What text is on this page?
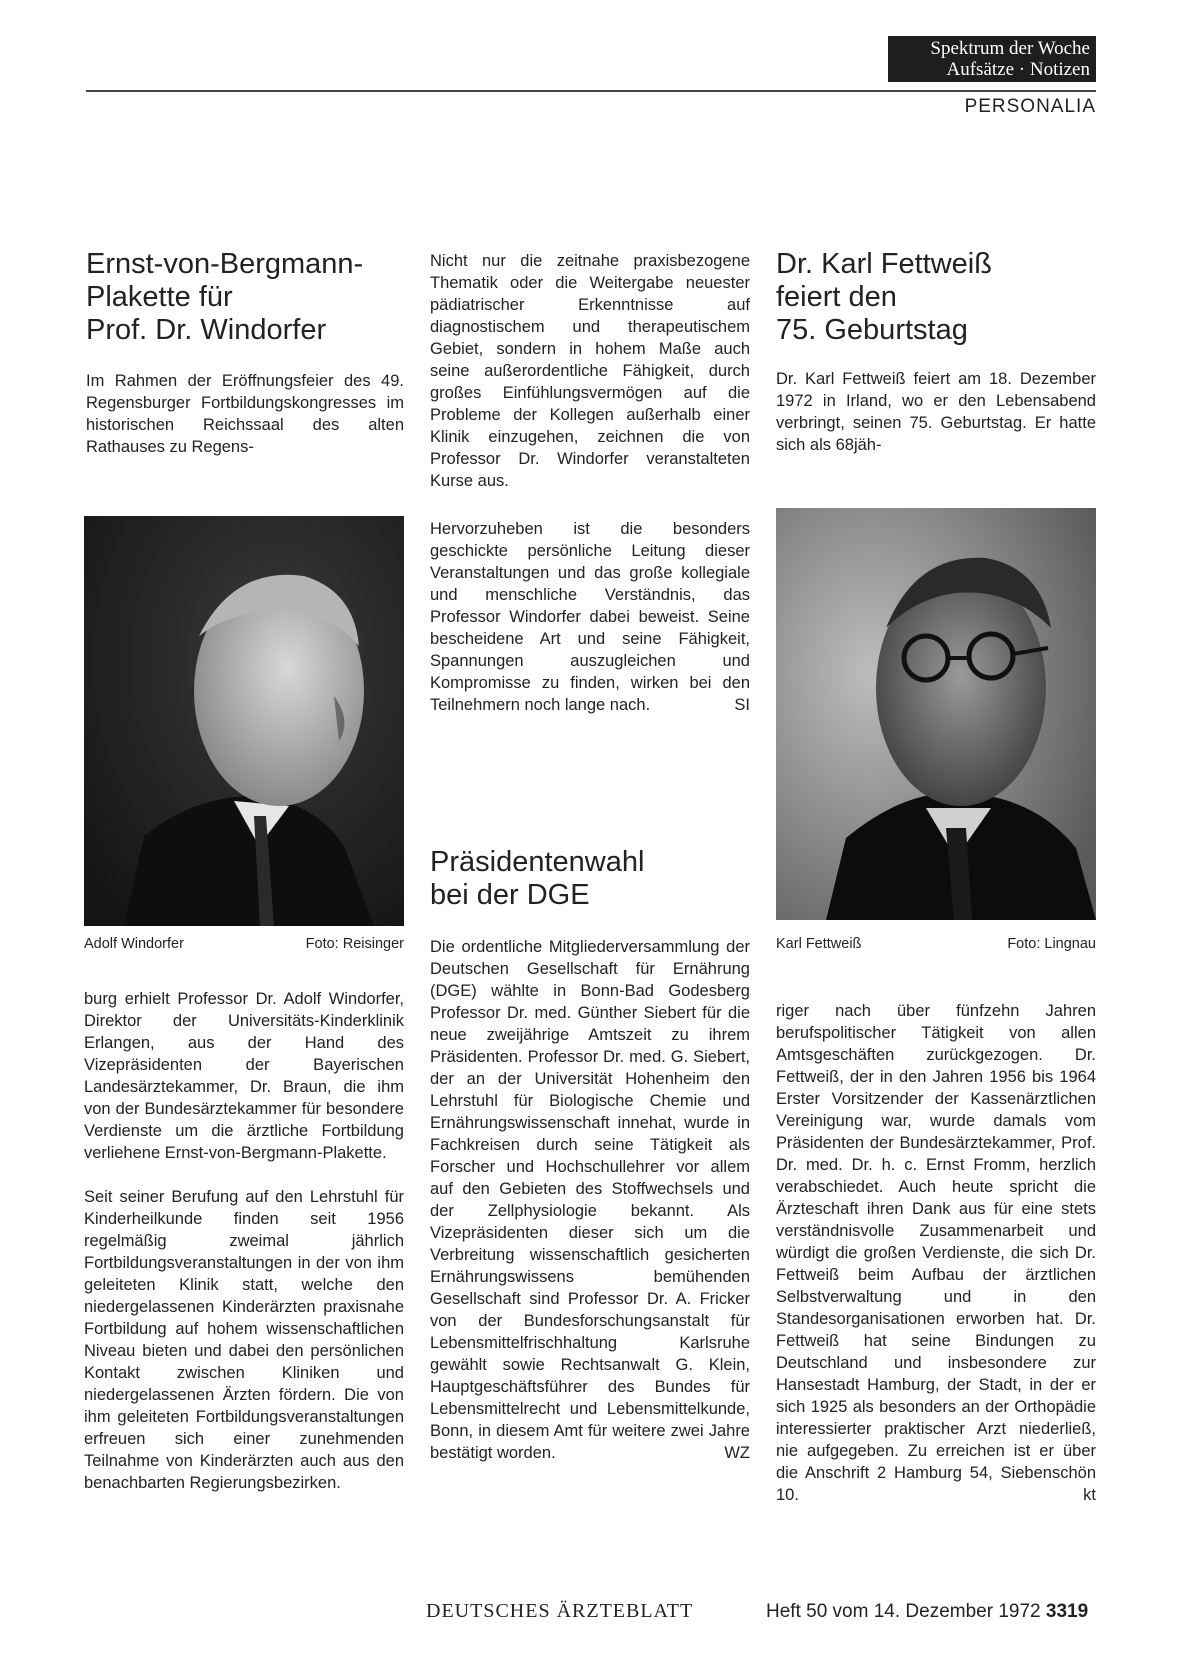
Spektrum der Woche
Aufsätze · Notizen
PERSONALIA
Ernst-von-Bergmann-
Plakette für
Prof. Dr. Windorfer
Im Rahmen der Eröffnungsfeier des 49. Regensburger Fortbildungskongresses im historischen Reichssaal des alten Rathauses zu Regens-
Adolf Windorfer	Foto: Reisinger

burg erhielt Professor Dr. Adolf Windorfer, Direktor der Universitäts-Kinderklinik Erlangen, aus der Hand des Vizepräsidenten der Bayerischen Landesärztekammer, Dr. Braun, die ihm von der Bundesärztekammer für besondere Verdienste um die ärztliche Fortbildung verliehene Ernst-von-Bergmann-Plakette.

Seit seiner Berufung auf den Lehrstuhl für Kinderheilkunde finden seit 1956 regelmäßig zweimal jährlich Fortbildungsveranstaltungen in der von ihm geleiteten Klinik statt, welche den niedergelassenen Kinderärzten praxisnahe Fortbildung auf hohem wissenschaftlichen Niveau bieten und dabei den persönlichen Kontakt zwischen Kliniken und niedergelassenen Ärzten fördern. Die von ihm geleiteten Fortbildungsveranstaltungen erfreuen sich einer zunehmenden Teilnahme von Kinderärzten auch aus den benachbarten Regierungsbezirken.

Nicht nur die zeitnahe praxisbezogene Thematik oder die Weitergabe neuester pädiatrischer Erkenntnisse auf diagnostischem und therapeutischem Gebiet, sondern in hohem Maße auch seine außerordentliche Fähigkeit, durch großes Einfühlungsvermögen auf die Probleme der Kollegen außerhalb einer Klinik einzugehen, zeichnen die von Professor Dr. Windorfer veranstalteten Kurse aus.

Hervorzuheben ist die besonders geschickte persönliche Leitung dieser Veranstaltungen und das große kollegiale und menschliche Verständnis, das Professor Windorfer dabei beweist. Seine bescheidene Art und seine Fähigkeit, Spannungen auszugleichen und Kompromisse zu finden, wirken bei den Teilnehmern noch lange nach.	SI

Präsidentenwahl
bei der DGE
Die ordentliche Mitgliederversammlung der Deutschen Gesellschaft für Ernährung (DGE) wählte in Bonn-Bad Godesberg Professor Dr. med. Günther Siebert für die neue zweijährige Amtszeit zu ihrem Präsidenten. Professor Dr. med. G. Siebert, der an der Universität Hohenheim den Lehrstuhl für Biologische Chemie und Ernährungswissenschaft innehat, wurde in Fachkreisen durch seine Tätigkeit als Forscher und Hochschullehrer vor allem auf den Gebieten des Stoffwechsels und der Zellphysiologie bekannt. Als Vizepräsidenten dieser sich um die Verbreitung wissenschaftlich gesicherten Ernährungswissens bemühenden Gesellschaft sind Professor Dr. A. Fricker von der Bundesforschungsanstalt für Lebensmittelfrischhaltung Karlsruhe gewählt sowie Rechtsanwalt G. Klein, Hauptgeschäftsführer des Bundes für Lebensmittelrecht und Lebensmittelkunde, Bonn, in diesem Amt für weitere zwei Jahre bestätigt worden.	WZ
Dr. Karl Fettweiß
feiert den
75. Geburtstag
Dr. Karl Fettweiß feiert am 18. Dezember 1972 in Irland, wo er den Lebensabend verbringt, seinen 75. Geburtstag. Er hatte sich als 68jäh-
Karl Fettweiß	Foto: Lingnau
riger nach über fünfzehn Jahren berufspolitischer Tätigkeit von allen Amtsgeschäften zurückgezogen. Dr. Fettweiß, der in den Jahren 1956 bis 1964 Erster Vorsitzender der Kassenärztlichen Vereinigung war, wurde damals vom Präsidenten der Bundesärztekammer, Prof. Dr. med. Dr. h. c. Ernst Fromm, herzlich verabschiedet. Auch heute spricht die Ärzteschaft ihren Dank aus für eine stets verständnisvolle Zusammenarbeit und würdigt die großen Verdienste, die sich Dr. Fettweiß beim Aufbau der ärztlichen Selbstverwaltung und in den Standesorganisationen erworben hat. Dr. Fettweiß hat seine Bindungen zu Deutschland und insbesondere zur Hansestadt Hamburg, der Stadt, in der er sich 1925 als besonders an der Orthopädie interessierter praktischer Arzt niederließ, nie aufgegeben. Zu erreichen ist er über die Anschrift 2 Hamburg 54, Siebenschön 10.	kt
DEUTSCHES ÄRZTEBLATT	Heft 50 vom 14. Dezember 1972 3319
